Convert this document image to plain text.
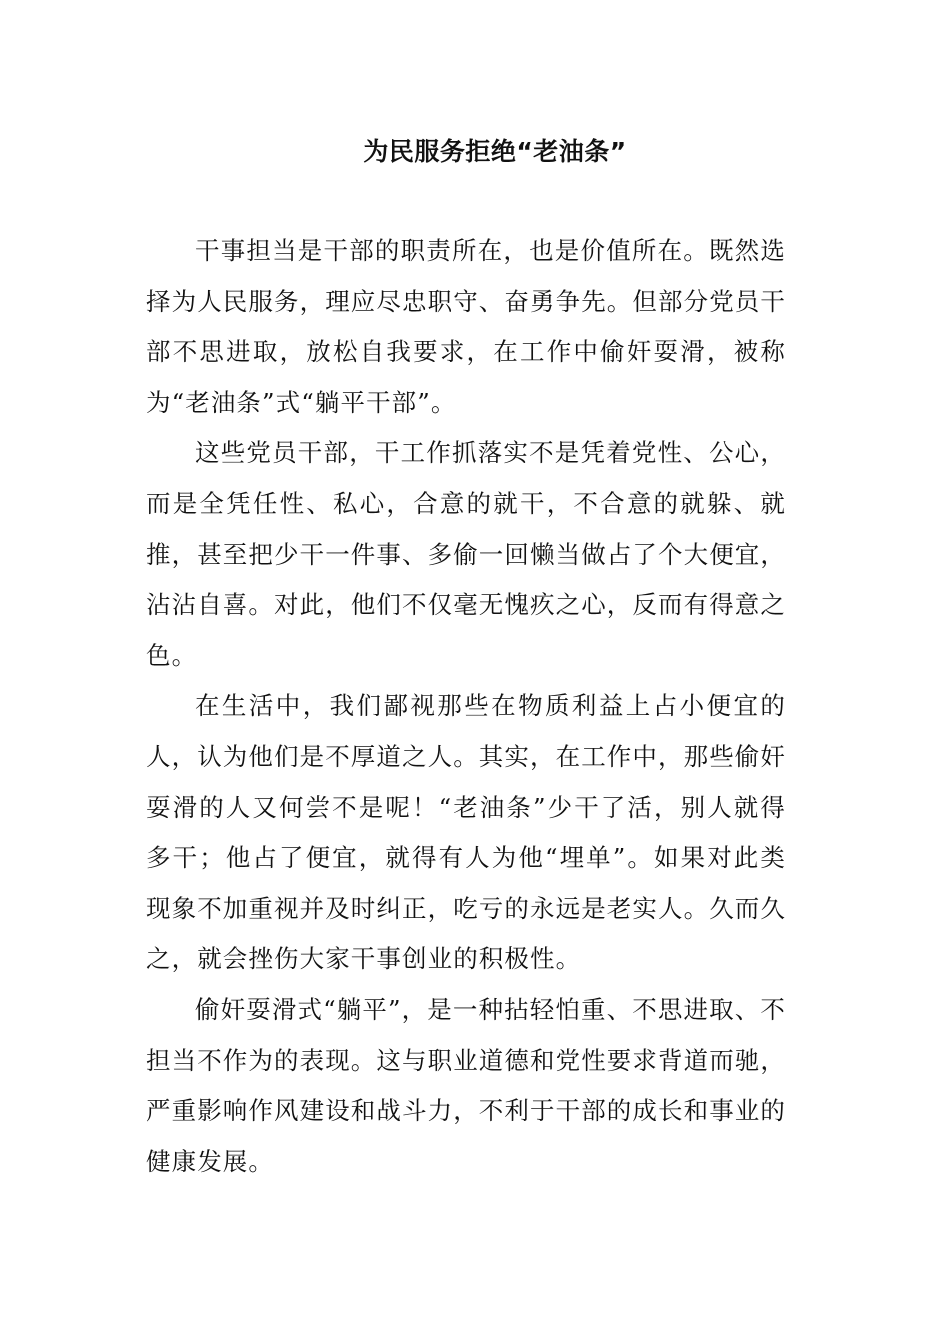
为民服务拒绝“老油条”

干事担当是干部的职责所在，也是价值所在。既然选择为人民服务，理应尽忠职守、奋勇争先。但部分党员干部不思进取，放松自我要求，在工作中偷奸耍滑，被称为“老油条”式“躺平干部”。

这些党员干部，干工作抓落实不是凭着党性、公心，而是全凭任性、私心，合意的就干，不合意的就躲、就推，甚至把少干一件事、多偷一回懒当做占了个大便宜，沾沾自喜。对此，他们不仅毫无愧疚之心，反而有得意之色。

在生活中，我们鄙视那些在物质利益上占小便宜的人，认为他们是不厚道之人。其实，在工作中，那些偷奸耍滑的人又何尝不是呢！“老油条”少干了活，别人就得多干；他占了便宜，就得有人为他“埋单”。如果对此类现象不加重视并及时纠正，吃亏的永远是老实人。久而久之，就会挫伤大家干事创业的积极性。

偷奸耍滑式“躺平”，是一种拈轻怕重、不思进取、不担当不作为的表现。这与职业道德和党性要求背道而驰，严重影响作风建设和战斗力，不利于干部的成长和事业的健康发展。
